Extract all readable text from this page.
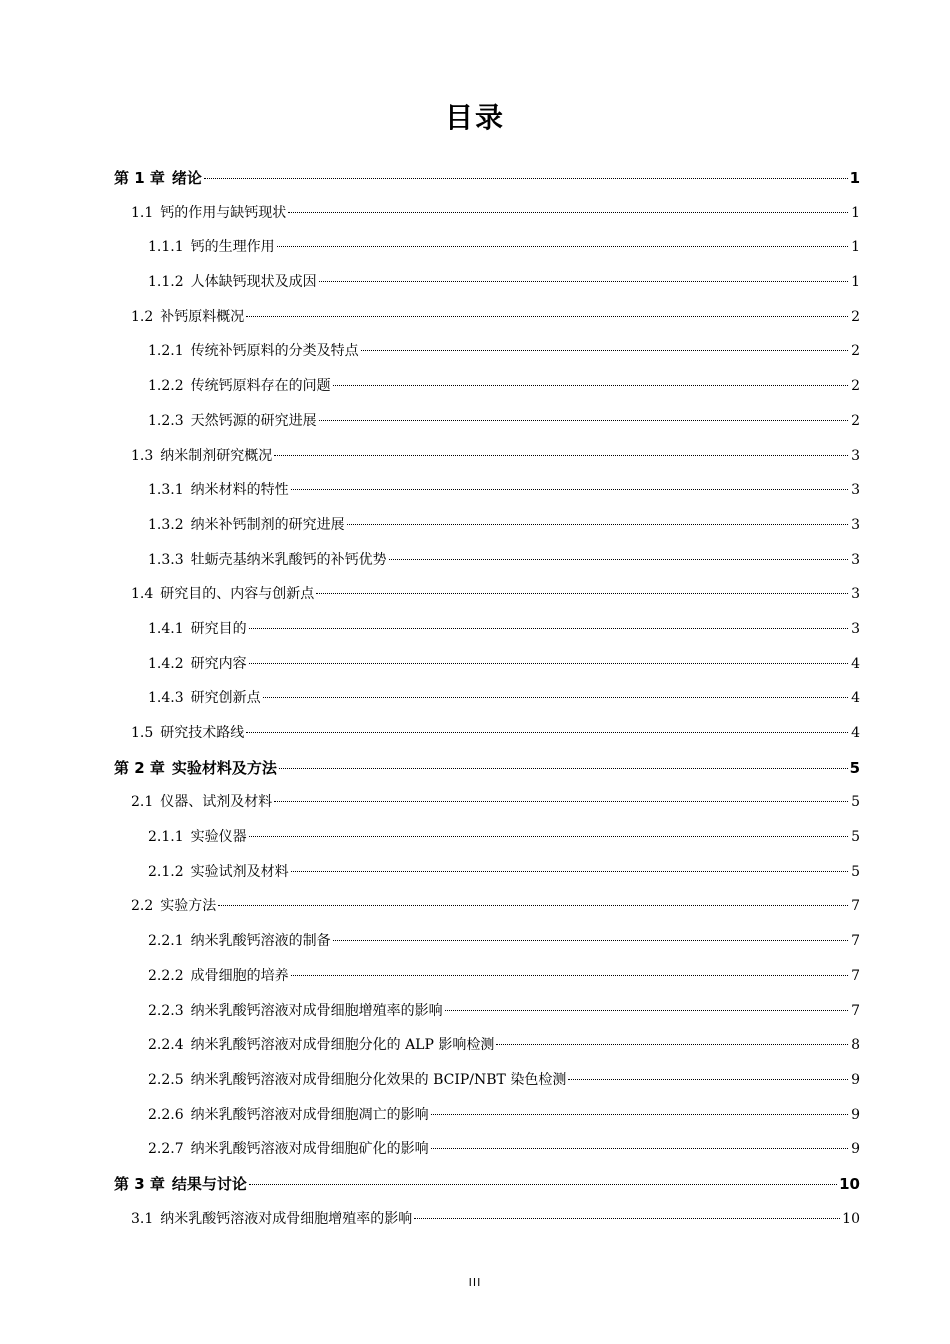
目录
第 1 章 绪论	1
1.1 钙的作用与缺钙现状	1
1.1.1 钙的生理作用	1
1.1.2 人体缺钙现状及成因	1
1.2 补钙原料概况	2
1.2.1 传统补钙原料的分类及特点	2
1.2.2 传统钙原料存在的问题	2
1.2.3 天然钙源的研究进展	2
1.3 纳米制剂研究概况	3
1.3.1 纳米材料的特性	3
1.3.2 纳米补钙制剂的研究进展	3
1.3.3 牡蛎壳基纳米乳酸钙的补钙优势	3
1.4 研究目的、内容与创新点	3
1.4.1 研究目的	3
1.4.2 研究内容	4
1.4.3 研究创新点	4
1.5 研究技术路线	4
第 2 章 实验材料及方法	5
2.1 仪器、试剂及材料	5
2.1.1 实验仪器	5
2.1.2 实验试剂及材料	5
2.2 实验方法	7
2.2.1 纳米乳酸钙溶液的制备	7
2.2.2 成骨细胞的培养	7
2.2.3 纳米乳酸钙溶液对成骨细胞增殖率的影响	7
2.2.4 纳米乳酸钙溶液对成骨细胞分化的 ALP 影响检测	8
2.2.5 纳米乳酸钙溶液对成骨细胞分化效果的 BCIP/NBT 染色检测	9
2.2.6 纳米乳酸钙溶液对成骨细胞凋亡的影响	9
2.2.7 纳米乳酸钙溶液对成骨细胞矿化的影响	9
第 3 章 结果与讨论	10
3.1 纳米乳酸钙溶液对成骨细胞增殖率的影响	10
III
